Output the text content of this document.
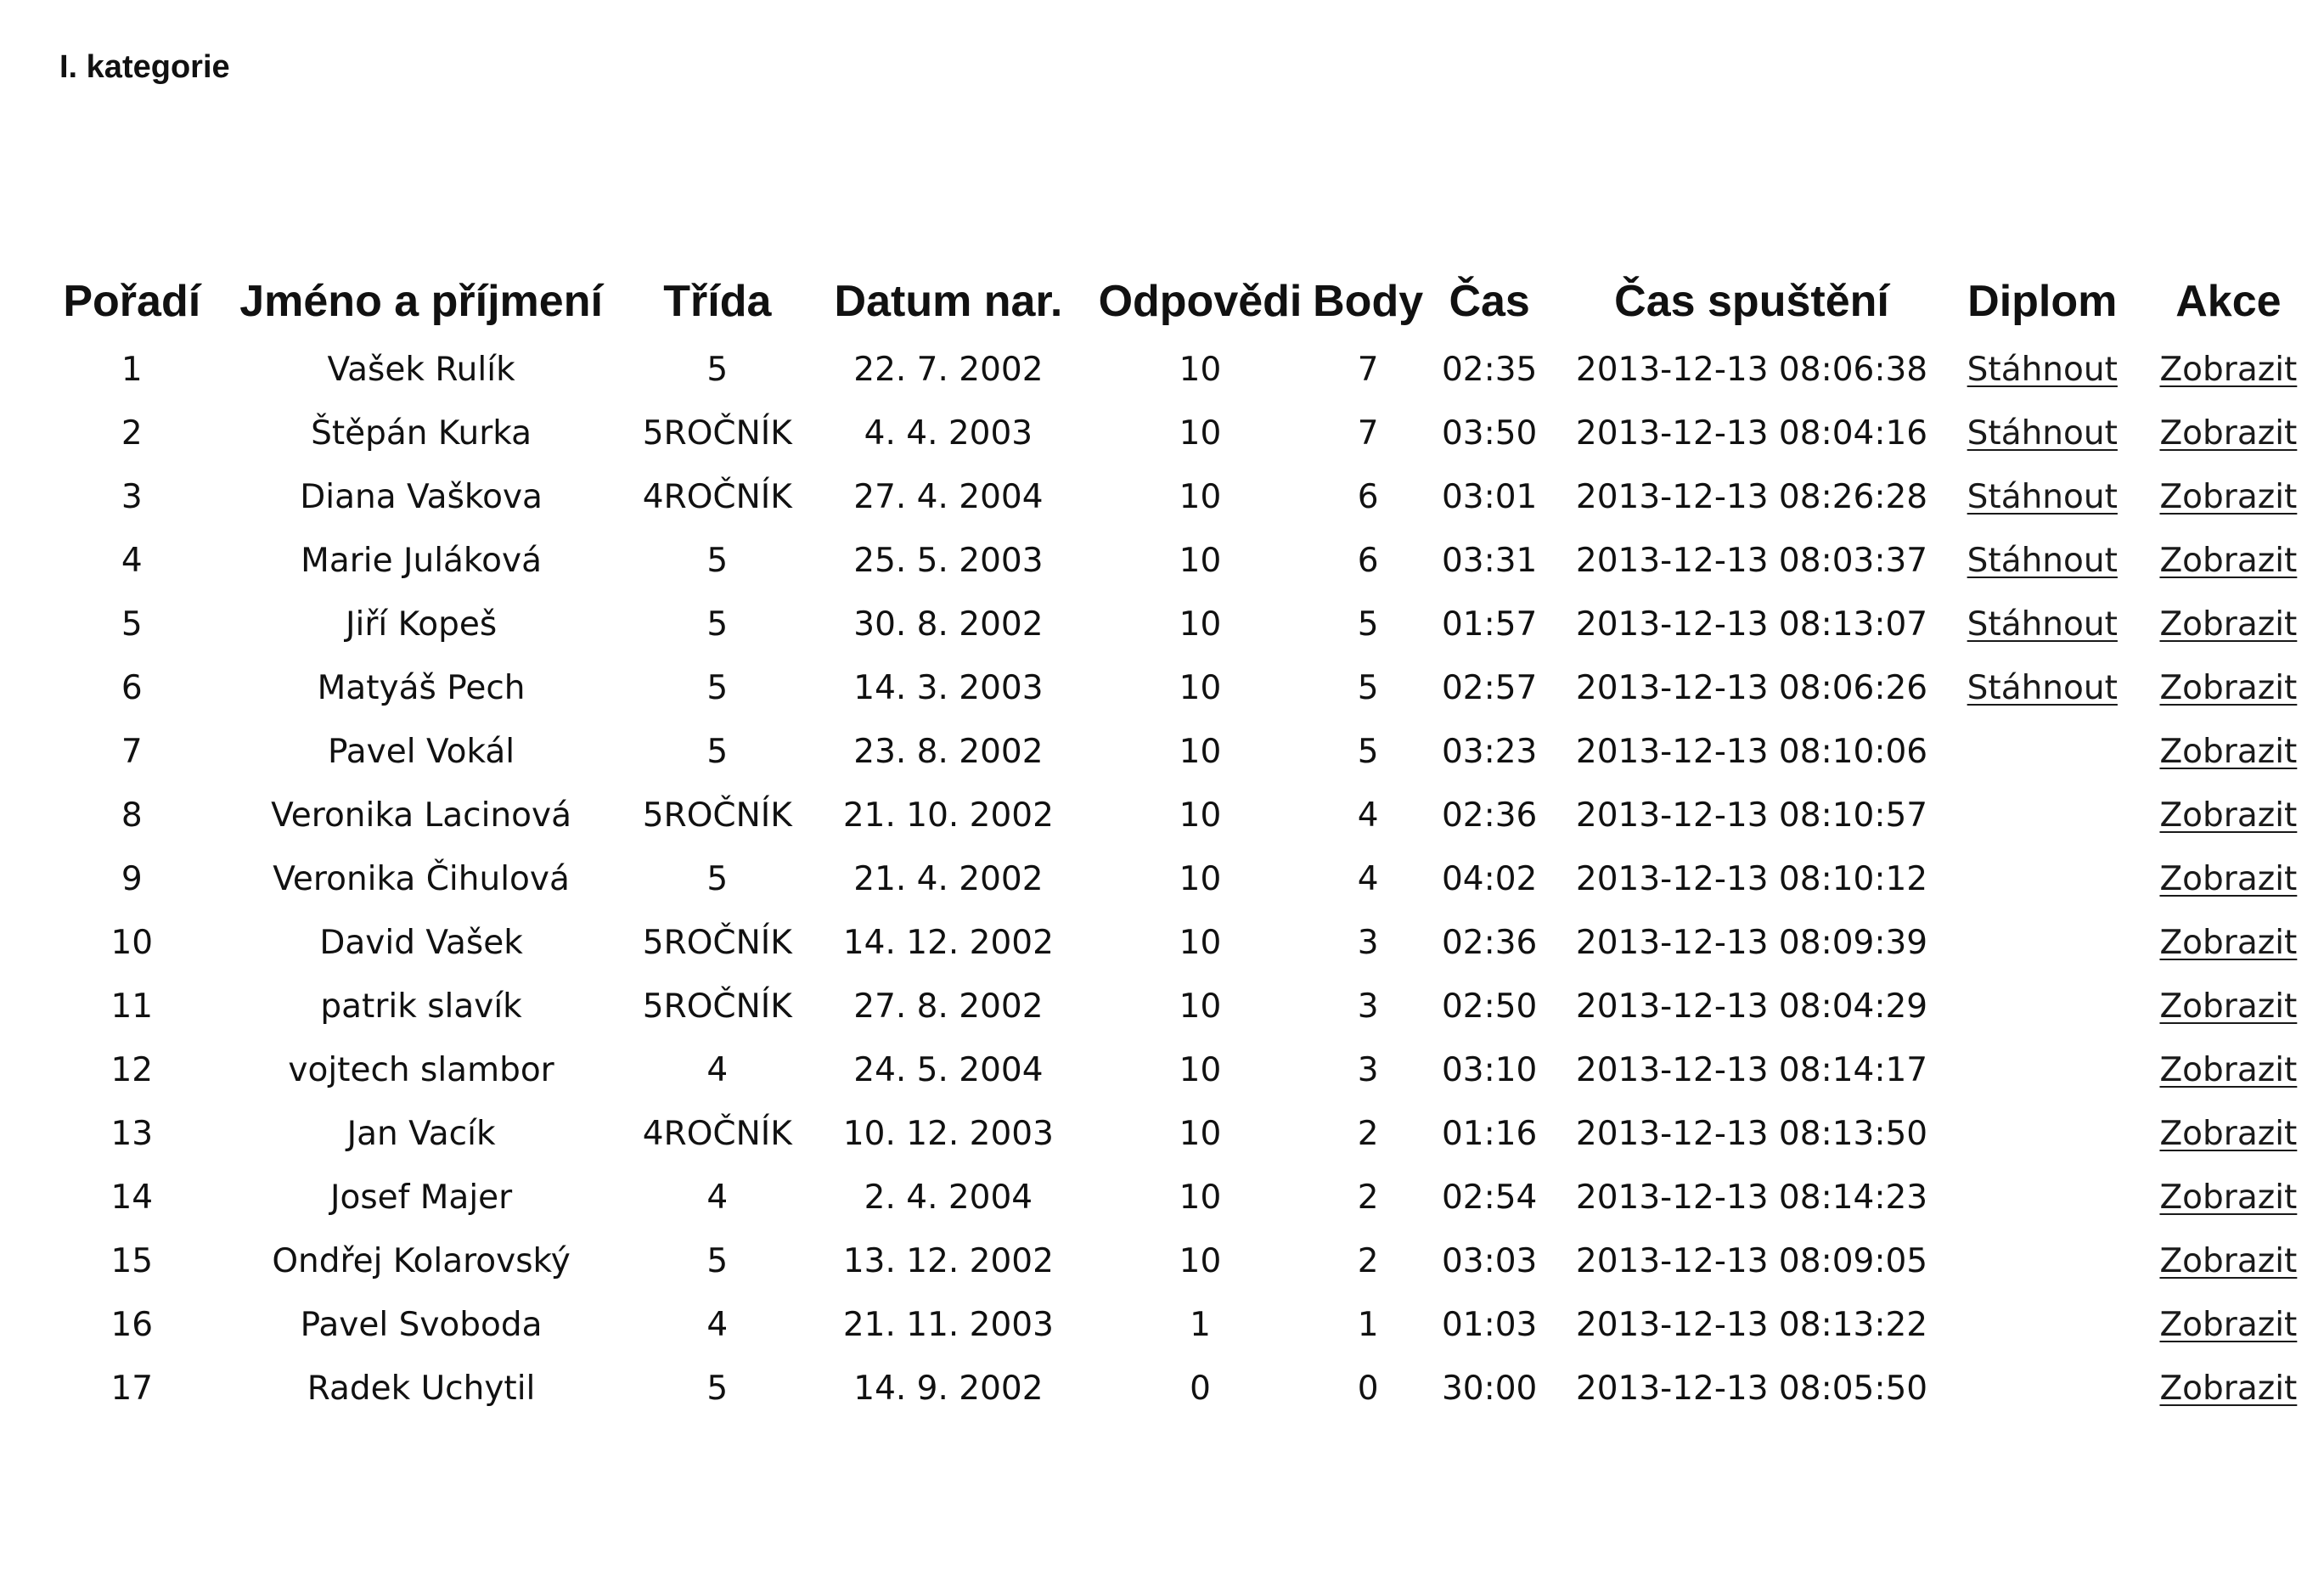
I. kategorie
Pořadí	Jméno a příjmení	Třída	Datum nar.	Odpovědi	Body	Čas	Čas spuštění	Diplom	Akce
1	Vašek Rulík	5	22. 7. 2002	10	7	02:35	2013-12-13 08:06:38	Stáhnout	Zobrazit
2	Štěpán Kurka	5ROČNÍK	4. 4. 2003	10	7	03:50	2013-12-13 08:04:16	Stáhnout	Zobrazit
3	Diana Vaškova	4ROČNÍK	27. 4. 2004	10	6	03:01	2013-12-13 08:26:28	Stáhnout	Zobrazit
4	Marie Juláková	5	25. 5. 2003	10	6	03:31	2013-12-13 08:03:37	Stáhnout	Zobrazit
5	Jiří Kopeš	5	30. 8. 2002	10	5	01:57	2013-12-13 08:13:07	Stáhnout	Zobrazit
6	Matyáš Pech	5	14. 3. 2003	10	5	02:57	2013-12-13 08:06:26	Stáhnout	Zobrazit
7	Pavel Vokál	5	23. 8. 2002	10	5	03:23	2013-12-13 08:10:06		Zobrazit
8	Veronika Lacinová	5ROČNÍK	21. 10. 2002	10	4	02:36	2013-12-13 08:10:57		Zobrazit
9	Veronika Čihulová	5	21. 4. 2002	10	4	04:02	2013-12-13 08:10:12		Zobrazit
10	David Vašek	5ROČNÍK	14. 12. 2002	10	3	02:36	2013-12-13 08:09:39		Zobrazit
11	patrik slavík	5ROČNÍK	27. 8. 2002	10	3	02:50	2013-12-13 08:04:29		Zobrazit
12	vojtech slambor	4	24. 5. 2004	10	3	03:10	2013-12-13 08:14:17		Zobrazit
13	Jan Vacík	4ROČNÍK	10. 12. 2003	10	2	01:16	2013-12-13 08:13:50		Zobrazit
14	Josef Majer	4	2. 4. 2004	10	2	02:54	2013-12-13 08:14:23		Zobrazit
15	Ondřej Kolarovský	5	13. 12. 2002	10	2	03:03	2013-12-13 08:09:05		Zobrazit
16	Pavel Svoboda	4	21. 11. 2003	1	1	01:03	2013-12-13 08:13:22		Zobrazit
17	Radek Uchytil	5	14. 9. 2002	0	0	30:00	2013-12-13 08:05:50		Zobrazit
